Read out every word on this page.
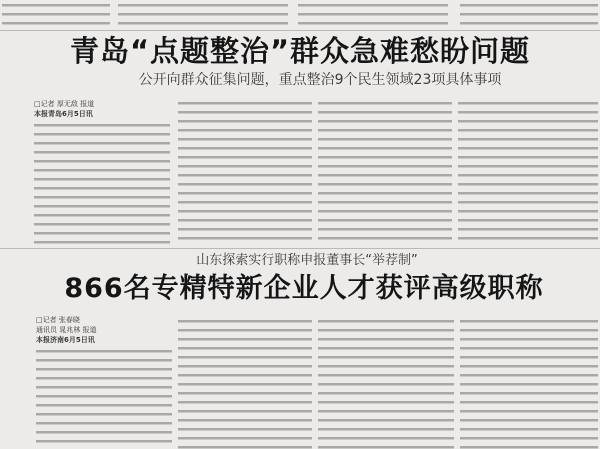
青岛“点题整治”群众急难愁盼问题
公开向群众征集问题，重点整治9个民生领域23项具体事项
□记者 厚无敌 报道
本报青岛6月5日讯
山东探索实行职称申报董事长“举荐制”
866名专精特新企业人才获评高级职称
□记者 张春晓
通讯员 晁兆林 报道
本报济南6月5日讯
